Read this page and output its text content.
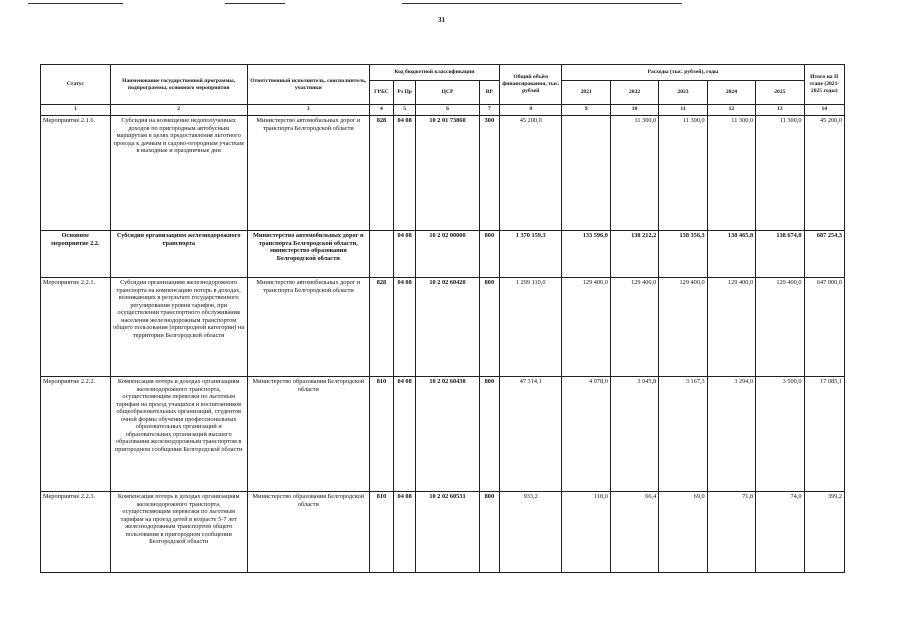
31
Статус	Наименование государственной программы, подпрограммы, основного мероприятия	Ответственный исполнитель, соисполнитель, участники	Код бюджетной классификации				Общий объём финансирования, тыс. рублей	Расходы (тыс. рублей), годы					Итого на II этапе (2021-2025 годы)
			ГРБС	Рз Пр	ЦСР	ВР		2021	2022	2023	2024	2025	
1	2	3	4	5	6	7	8	9	10	11	12	13	14
Мероприятие 2.1.6.	Субсидия на возмещение недополученных доходов по пригородным автобусным маршрутам в целях предоставления льготного проезда к дачным и садово-огородным участкам в выходные и праздничные дни	Министерство автомобильных дорог и транспорта Белгородской области	828	04 08	10 2 01 73860	300	45 200,0		11 300,0	11 300,0	11 300,0	11 300,0	45 200,0
Основное мероприятие 2.2.	Субсидия организациям железнодорожного транспорта	Министерство автомобильных дорог и транспорта Белгородской области, министерство образования Белгородской области		04 08	10 2 02 00000	800	1 370 159,3	133 596,0	138 212,2	138 356,3	138 465,8	138 674,0	687 254,3
Мероприятие 2.2.1.	Субсидия организациям железнодорожного транспорта на компенсацию потерь в доходах, возникающих в результате государственного регулирования уровня тарифов, при осуществлении транспортного обслуживания населения железнодорожным транспортом общего пользования (пригородной категории) на территории Белгородской области	Министерство автомобильных дорог и транспорта Белгородской области	828	04 08	10 2 02 60420	800	1 299 110,0	129 400,0	129 400,0	129 400,0	129 400,0	129 400,0	647 000,0
Мероприятие 2.2.2.	Компенсация потерь в доходах организациям железнодорожного транспорта, осуществляющим перевозки по льготным тарифам на проезд учащихся и воспитанников общеобразовательных организаций, студентов очной формы обучения профессиональных образовательных организаций и образовательных организаций высшего образования железнодорожным транспортом в пригородном сообщении Белгородской области	Министерство образования Белгородской области	810	04 08	10 2 02 60430	800	47 314,1	4 078,0	3 045,8	3 167,3	3 294,0	3 500,0	17 085,1
Мероприятие 2.2.3.	Компенсация потерь в доходах организациям железнодорожного транспорта, осуществляющим перевозки по льготным тарифам на проезд детей в возрасте 5-7 лет железнодорожным транспортом общего пользования в пригородном сообщении Белгородской области	Министерство образования Белгородской области	810	04 08	10 2 02 60531	800	933,2	118,0	66,4	69,0	71,8	74,0	399,2
